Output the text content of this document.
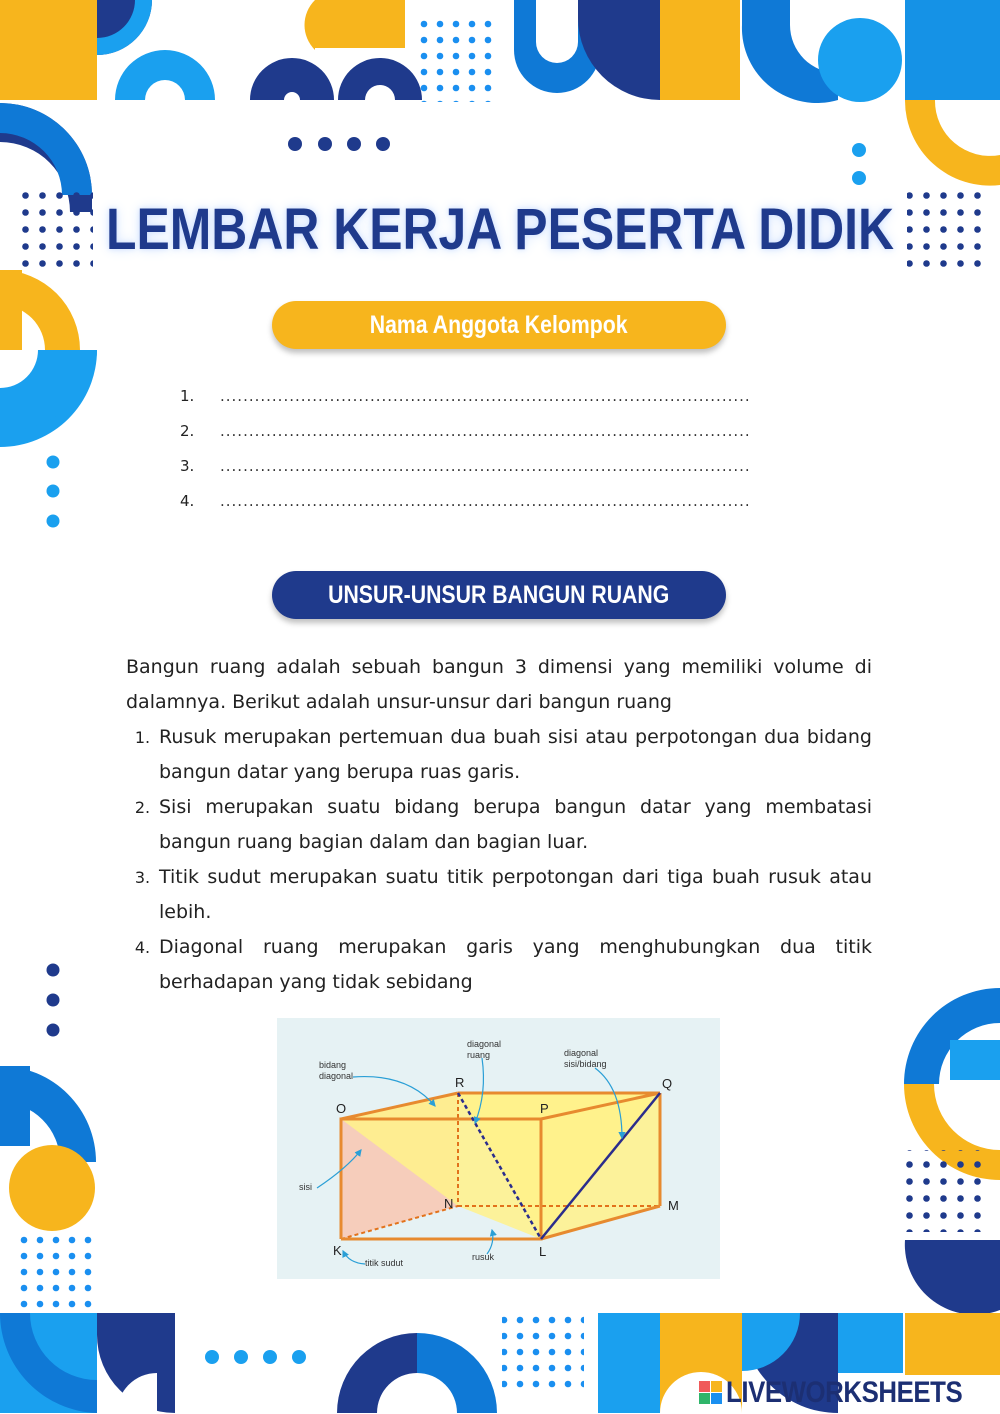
LEMBAR KERJA PESERTA DIDIK
Nama Anggota Kelompok
1.	............................................................................................
2.	............................................................................................
3.	............................................................................................
4.	............................................................................................
UNSUR-UNSUR BANGUN RUANG

Bangun ruang adalah sebuah bangun 3 dimensi yang memiliki volume di dalamnya. Berikut adalah unsur-unsur dari bangun ruang

1. Rusuk merupakan pertemuan dua buah sisi atau perpotongan dua bidang bangun datar yang berupa ruas garis.
2. Sisi merupakan suatu bidang berupa bangun datar yang membatasi bangun ruang bagian dalam dan bagian luar.
3. Titik sudut merupakan suatu titik perpotongan dari tiga buah rusuk atau lebih.
4. Diagonal ruang merupakan garis yang menghubungkan dua titik berhadapan yang tidak sebidang
O	P
Q
R
K	L
M
N
bidang
diagonal
diagonal
ruang	diagonal
sisi/bidang
sisi
titik sudut
rusuk
LIVEWORKSHEETS
